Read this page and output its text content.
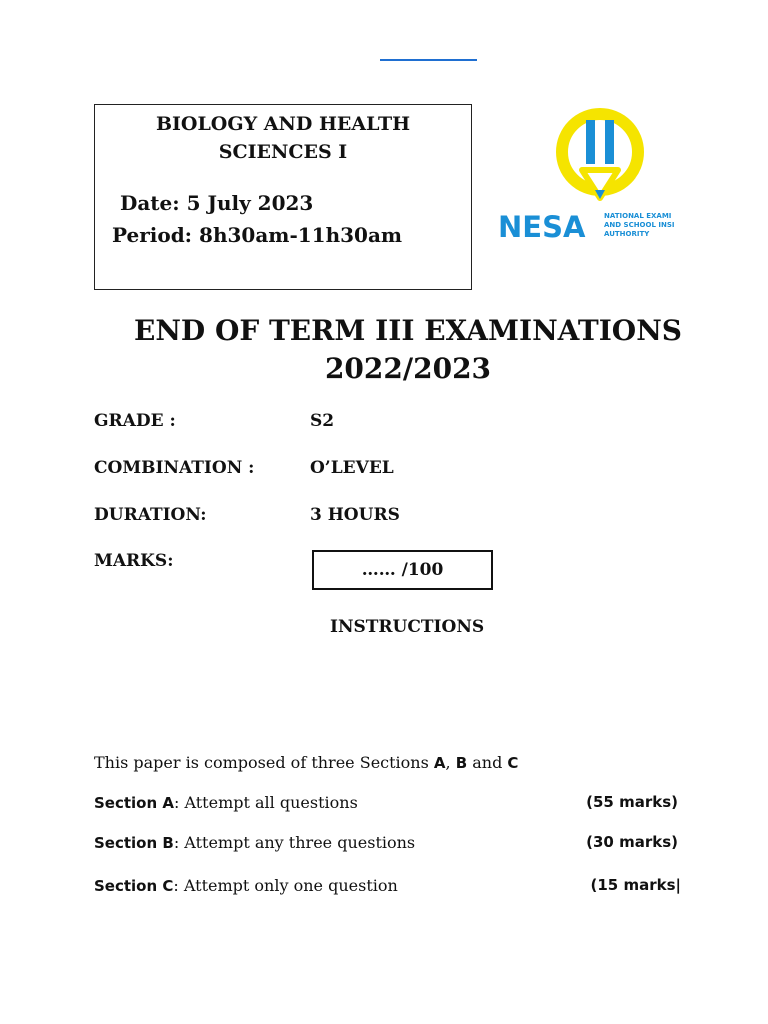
BIOLOGY AND HEALTH
SCIENCES I
Date: 5 July 2023
Period: 8h30am-11h30am	NESA	NATIONAL EXAMI
AND SCHOOL INSI
AUTHORITY
END OF TERM III EXAMINATIONS
2022/2023
GRADE :	S2
COMBINATION :	O’LEVEL
DURATION:	3 HOURS
MARKS:	…… /100
INSTRUCTIONS
This paper is composed of three Sections A, B and C
Section A: Attempt all questions	(55 marks)
Section B: Attempt any three questions	(30 marks)
Section C: Attempt only one question	(15 marks|
